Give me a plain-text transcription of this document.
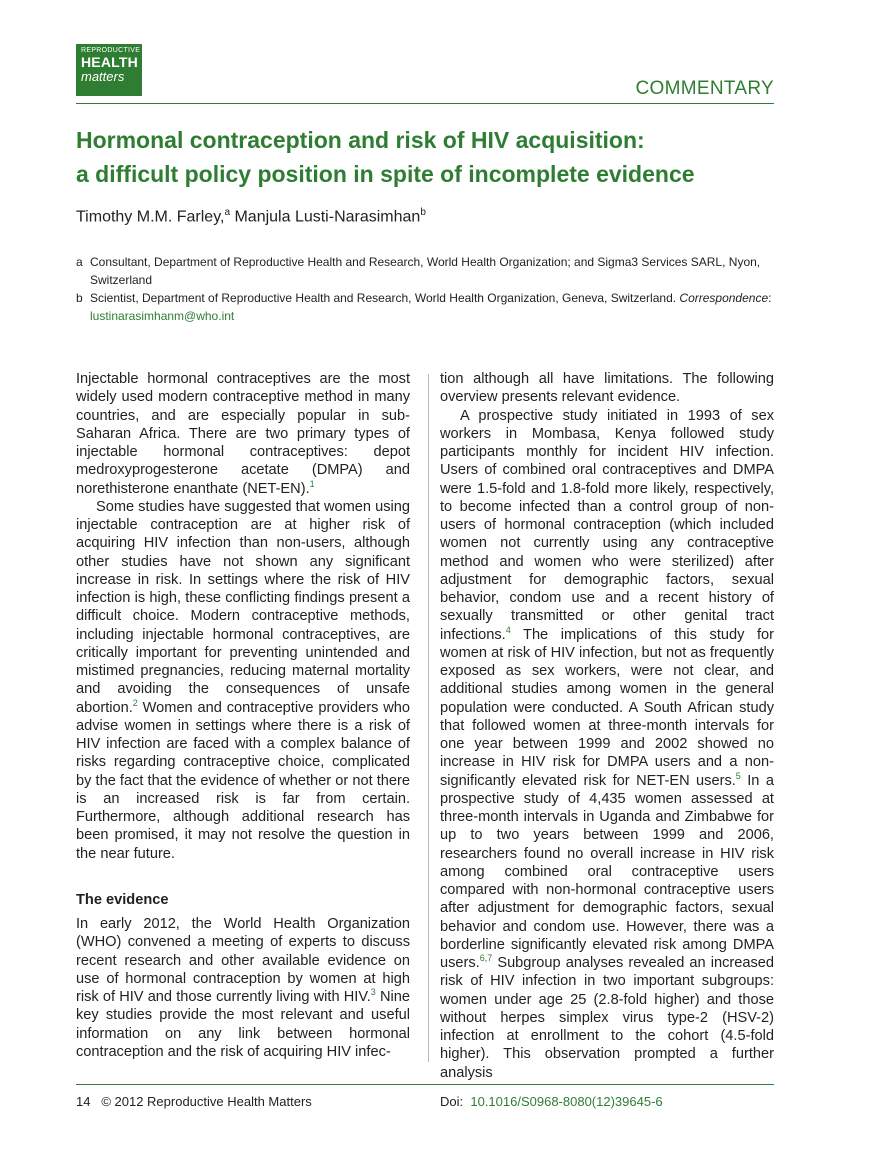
REPRODUCTIVE
HEALTH
matters
COMMENTARY
Hormonal contraception and risk of HIV acquisition:
a difficult policy position in spite of incomplete evidence
Timothy M.M. Farley,$^a$ Manjula Lusti-Narasimhan$^b$
a Consultant, Department of Reproductive Health and Research, World Health Organization; and Sigma3 Services SARL, Nyon, Switzerland
b Scientist, Department of Reproductive Health and Research, World Health Organization, Geneva, Switzerland. Correspondence: lustinarasimhanm@who.int

Injectable hormonal contraceptives are the most widely used modern contraceptive method in many countries, and are especially popular in sub-Saharan Africa. There are two primary types of injectable hormonal contraceptives: depot medroxyprogesterone acetate (DMPA) and norethisterone enanthate (NET-EN).$^1$

Some studies have suggested that women using injectable contraception are at higher risk of acquiring HIV infection than non-users, although other studies have not shown any significant increase in risk. In settings where the risk of HIV infection is high, these conflicting findings present a difficult choice. Modern contraceptive methods, including injectable hormonal contraceptives, are critically important for preventing unintended and mistimed pregnancies, reducing maternal mortality and avoiding the consequences of unsafe abortion.$^2$ Women and contraceptive providers who advise women in settings where there is a risk of HIV infection are faced with a complex balance of risks regarding contraceptive choice, complicated by the fact that the evidence of whether or not there is an increased risk is far from certain. Furthermore, although additional research has been promised, it may not resolve the question in the near future.

The evidence

In early 2012, the World Health Organization (WHO) convened a meeting of experts to discuss recent research and other available evidence on use of hormonal contraception by women at high risk of HIV and those currently living with HIV.$^3$ Nine key studies provide the most relevant and useful information on any link between hormonal contraception and the risk of acquiring HIV infec-

tion although all have limitations. The following overview presents relevant evidence.

A prospective study initiated in 1993 of sex workers in Mombasa, Kenya followed study participants monthly for incident HIV infection. Users of combined oral contraceptives and DMPA were 1.5-fold and 1.8-fold more likely, respectively, to become infected than a control group of non-users of hormonal contraception (which included women not currently using any contraceptive method and women who were sterilized) after adjustment for demographic factors, sexual behavior, condom use and a recent history of sexually transmitted or other genital tract infections.$^4$ The implications of this study for women at risk of HIV infection, but not as frequently exposed as sex workers, were not clear, and additional studies among women in the general population were conducted. A South African study that followed women at three-month intervals for one year between 1999 and 2002 showed no increase in HIV risk for DMPA users and a non-significantly elevated risk for NET-EN users.$^5$ In a prospective study of 4,435 women assessed at three-month intervals in Uganda and Zimbabwe for up to two years between 1999 and 2006, researchers found no overall increase in HIV risk among combined oral contraceptive users compared with non-hormonal contraceptive users after adjustment for demographic factors, sexual behavior and condom use. However, there was a borderline significantly elevated risk among DMPA users.$^{6,7}$ Subgroup analyses revealed an increased risk of HIV infection in two important subgroups: women under age 25 (2.8-fold higher) and those without herpes simplex virus type-2 (HSV-2) infection at enrollment to the cohort (4.5-fold higher). This observation prompted a further analysis

14 © 2012 Reproductive Health Matters	Doi: 10.1016/S0968-8080(12)39645-6
